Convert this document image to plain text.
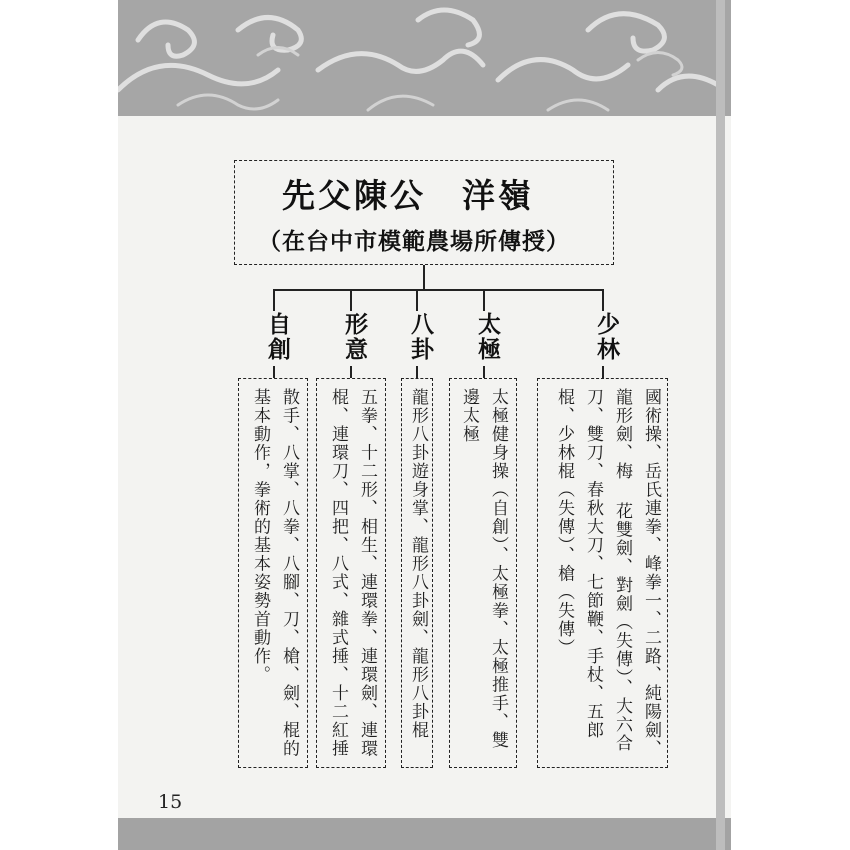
先父陳公　洋嶺
（在台中市模範農場所傳授）
自創 形意 八卦 太極	少林
散手、八掌、八拳、八腳、刀、槍、劍、棍的基本動作，拳術的基本姿勢首動作。	五拳、十二形、相生、連環拳、連環劍、連環棍、連環刀、四把、八式、雜式捶、十二紅捶	龍形八卦遊身掌、龍形八卦劍、龍形八卦棍	太極健身操（自創）、太極拳、太極推手、雙邊太極	國術操、岳氏連拳、峰拳一、二路、純陽劍、龍形劍、梅 花雙劍、對劍（失傳）、大六合刀、雙刀、春秋大刀、七節鞭、手杖、五郎棍、少林棍（失傳）、槍（失傳）
15
